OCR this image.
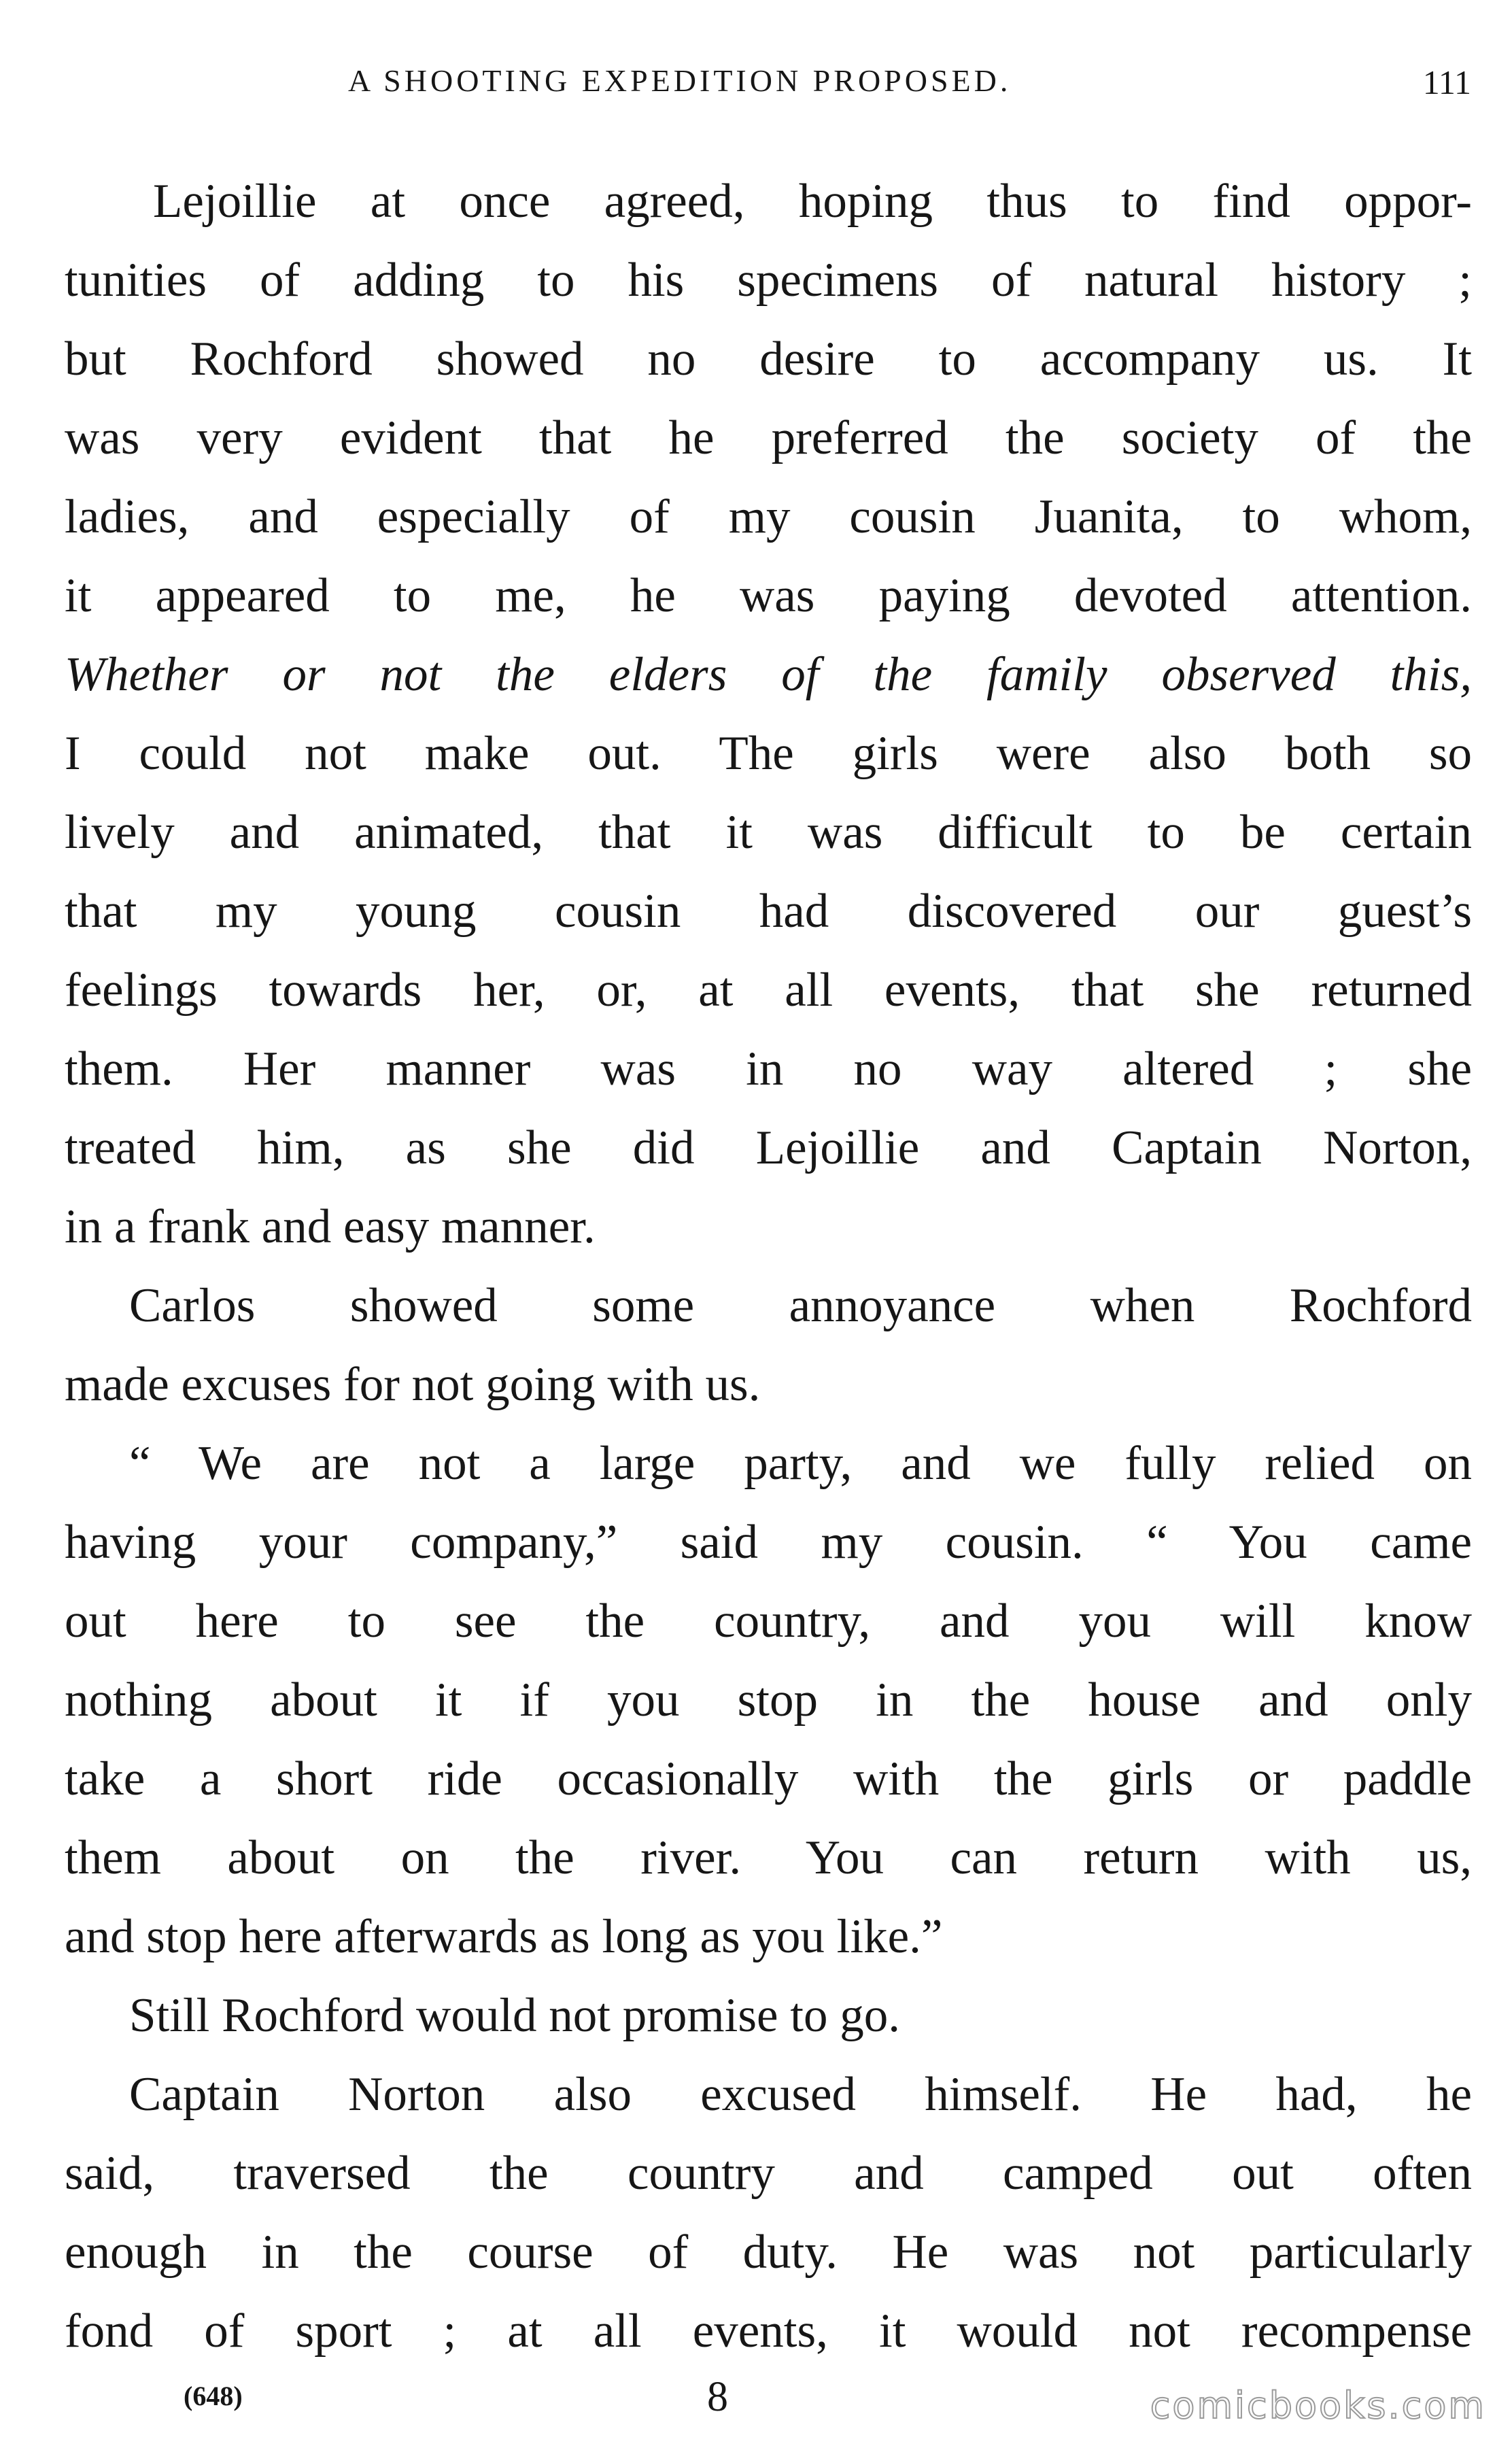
A SHOOTING EXPEDITION PROPOSED.	111
Lejoillie at once agreed, hoping thus to find oppor-
tunities of adding to his specimens of natural history ;
but Rochford showed no desire to accompany us. It
was very evident that he preferred the society of the
ladies, and especially of my cousin Juanita, to whom,
it appeared to me, he was paying devoted attention.
Whether or not the elders of the family observed this,
I could not make out. The girls were also both so
lively and animated, that it was difficult to be certain
that my young cousin had discovered our guest’s
feelings towards her, or, at all events, that she returned
them. Her manner was in no way altered ; she
treated him, as she did Lejoillie and Captain Norton,
in a frank and easy manner.
Carlos showed some annoyance when Rochford
made excuses for not going with us.
“ We are not a large party, and we fully relied on
having your company,” said my cousin. “ You came
out here to see the country, and you will know
nothing about it if you stop in the house and only
take a short ride occasionally with the girls or paddle
them about on the river. You can return with us,
and stop here afterwards as long as you like.”
Still Rochford would not promise to go.
Captain Norton also excused himself. He had, he
said, traversed the country and camped out often
enough in the course of duty. He was not particularly
fond of sport ; at all events, it would not recompense
(648)	8	comicbooks.com
